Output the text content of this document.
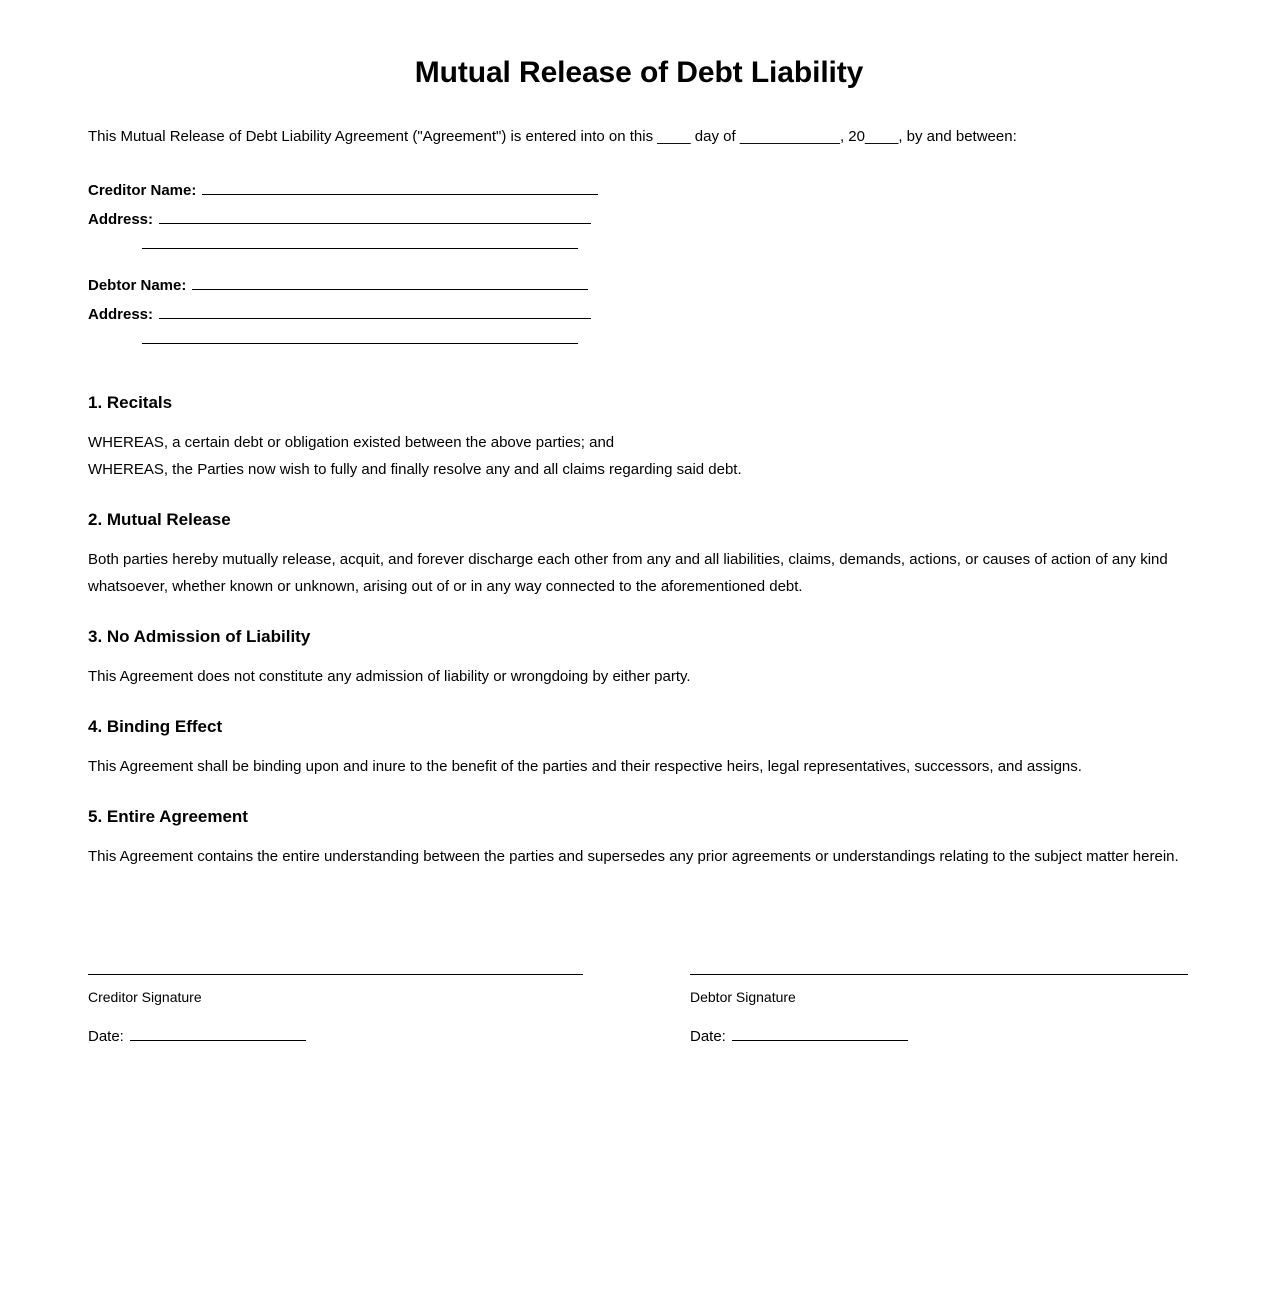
Mutual Release of Debt Liability

This Mutual Release of Debt Liability Agreement ("Agreement") is entered into on this ____ day of ____________, 20____, by and between:

Creditor Name:
Address:
Debtor Name:
Address:
1. Recitals
WHEREAS, a certain debt or obligation existed between the above parties; and
WHEREAS, the Parties now wish to fully and finally resolve any and all claims regarding said debt.
2. Mutual Release
Both parties hereby mutually release, acquit, and forever discharge each other from any and all liabilities, claims, demands, actions, or causes of action of any kind whatsoever, whether known or unknown, arising out of or in any way connected to the aforementioned debt.
3. No Admission of Liability
This Agreement does not constitute any admission of liability or wrongdoing by either party.
4. Binding Effect
This Agreement shall be binding upon and inure to the benefit of the parties and their respective heirs, legal representatives, successors, and assigns.
5. Entire Agreement
This Agreement contains the entire understanding between the parties and supersedes any prior agreements or understandings relating to the subject matter herein.
Creditor Signature
Date:
Debtor Signature
Date:
